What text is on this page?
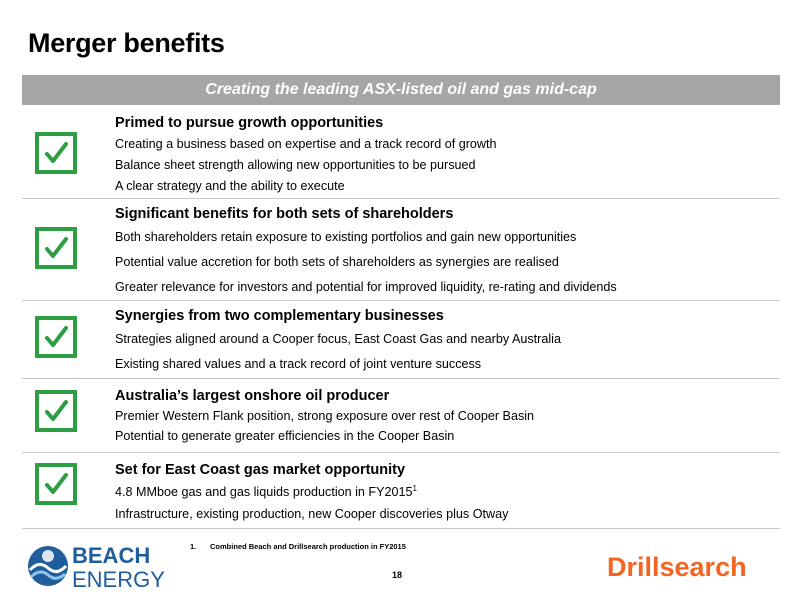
Merger benefits
Creating the leading ASX-listed oil and gas mid-cap
Primed to pursue growth opportunities
Creating a business based on expertise and a track record of growth
Balance sheet strength allowing new opportunities to be pursued
A clear strategy and the ability to execute
Significant benefits for both sets of shareholders
Both shareholders retain exposure to existing portfolios and gain new opportunities
Potential value accretion for both sets of shareholders as synergies are realised
Greater relevance for investors and potential for improved liquidity, re-rating and dividends
Synergies from two complementary businesses
Strategies aligned around a Cooper focus, East Coast Gas and nearby Australia
Existing shared values and a track record of joint venture success
Australia’s largest onshore oil producer
Premier Western Flank position, strong exposure over rest of Cooper Basin
Potential to generate greater efficiencies in the Cooper Basin
Set for East Coast gas market opportunity
4.8 MMboe gas and gas liquids production in FY2015$^1$
Infrastructure, existing production, new Cooper discoveries plus Otway
1. Combined Beach and Drillsearch production in FY2015
18
BEACH
ENERGY	Drillsearch
